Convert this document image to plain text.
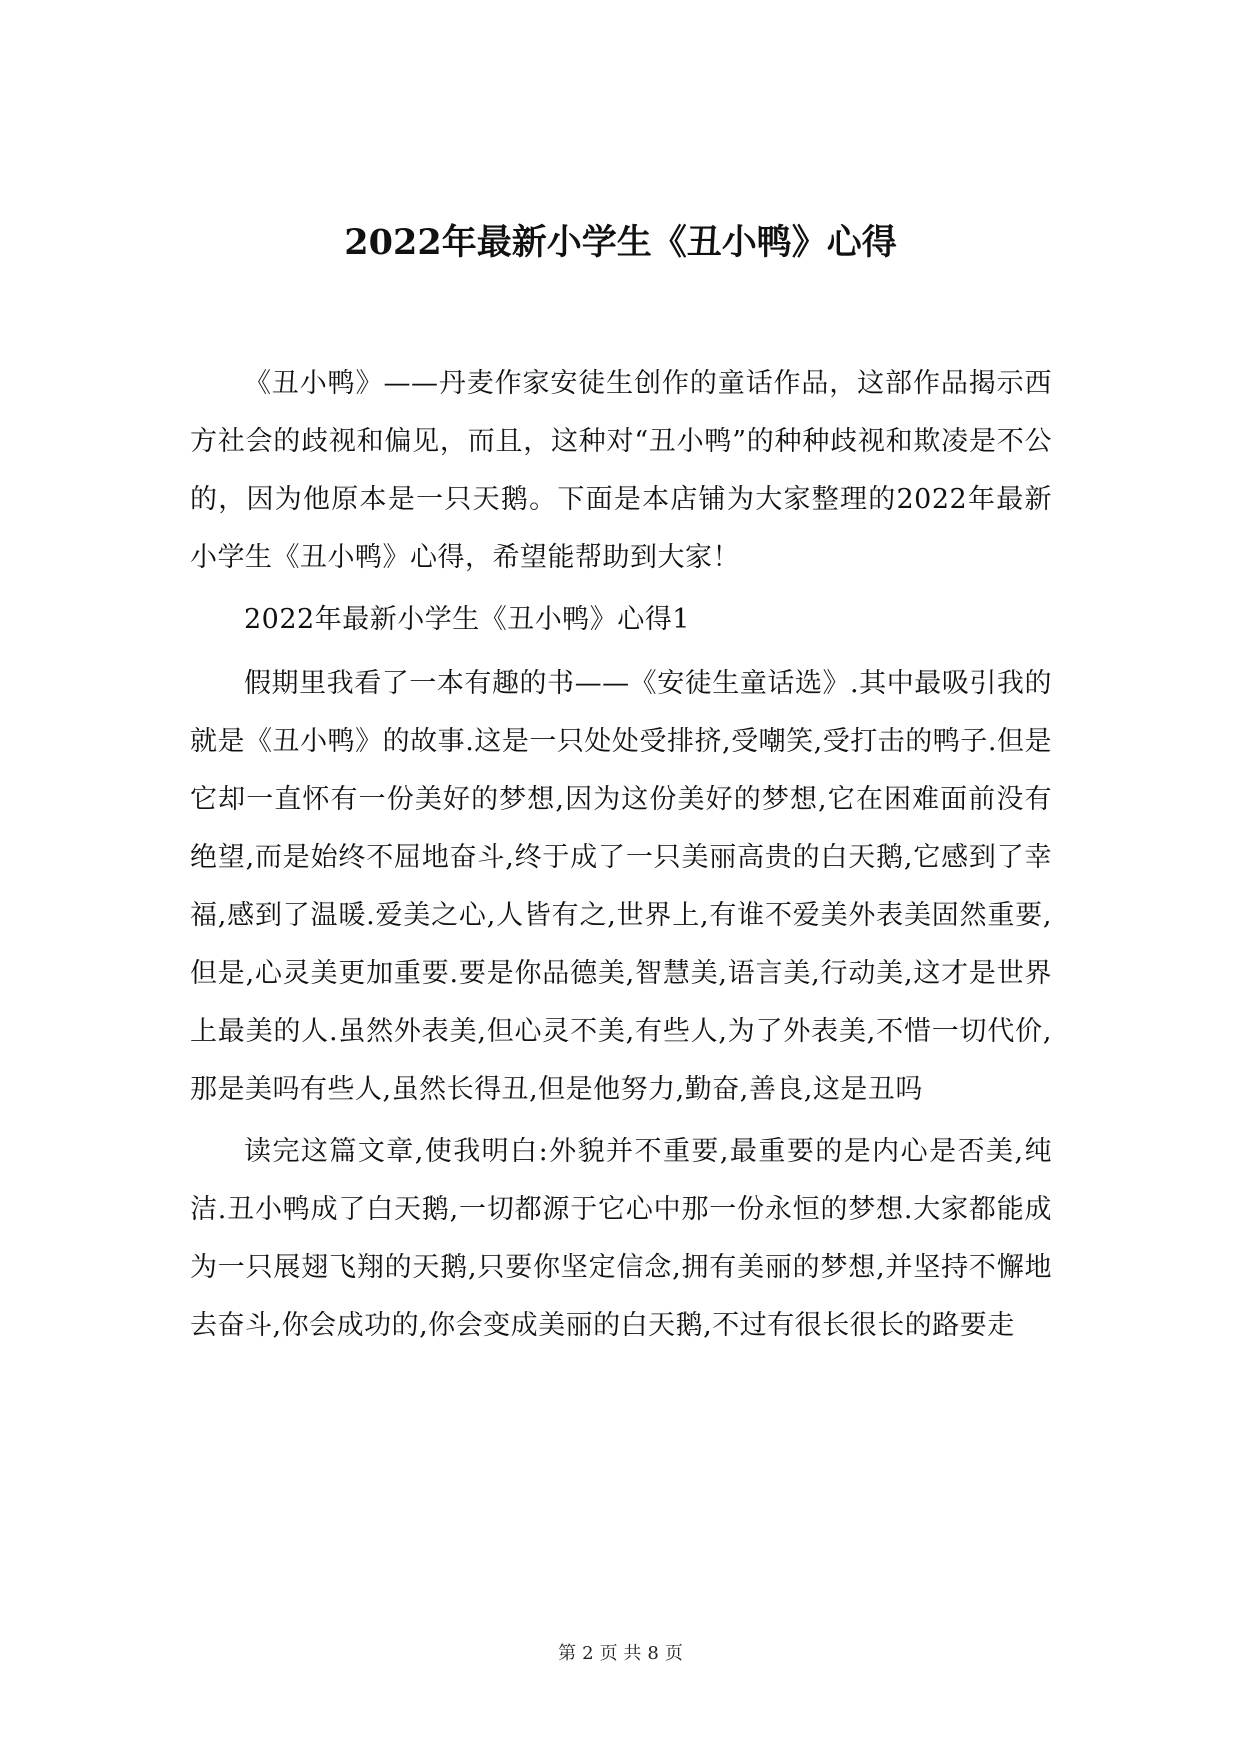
2022年最新小学生《丑小鸭》心得

《丑小鸭》——丹麦作家安徒生创作的童话作品，这部作品揭示西方社会的歧视和偏见，而且，这种对“丑小鸭”的种种歧视和欺凌是不公的，因为他原本是一只天鹅。下面是本店铺为大家整理的2022年最新小学生《丑小鸭》心得，希望能帮助到大家！

2022年最新小学生《丑小鸭》心得1

假期里我看了一本有趣的书——《安徒生童话选》.其中最吸引我的就是《丑小鸭》的故事.这是一只处处受排挤,受嘲笑,受打击的鸭子.但是它却一直怀有一份美好的梦想,因为这份美好的梦想,它在困难面前没有绝望,而是始终不屈地奋斗,终于成了一只美丽高贵的白天鹅,它感到了幸福,感到了温暖.爱美之心,人皆有之,世界上,有谁不爱美外表美固然重要,但是,心灵美更加重要.要是你品德美,智慧美,语言美,行动美,这才是世界上最美的人.虽然外表美,但心灵不美,有些人,为了外表美,不惜一切代价,那是美吗有些人,虽然长得丑,但是他努力,勤奋,善良,这是丑吗

读完这篇文章,使我明白:外貌并不重要,最重要的是内心是否美,纯洁.丑小鸭成了白天鹅,一切都源于它心中那一份永恒的梦想.大家都能成为一只展翅飞翔的天鹅,只要你坚定信念,拥有美丽的梦想,并坚持不懈地去奋斗,你会成功的,你会变成美丽的白天鹅,不过有很长很长的路要走

第 2 页 共 8 页
